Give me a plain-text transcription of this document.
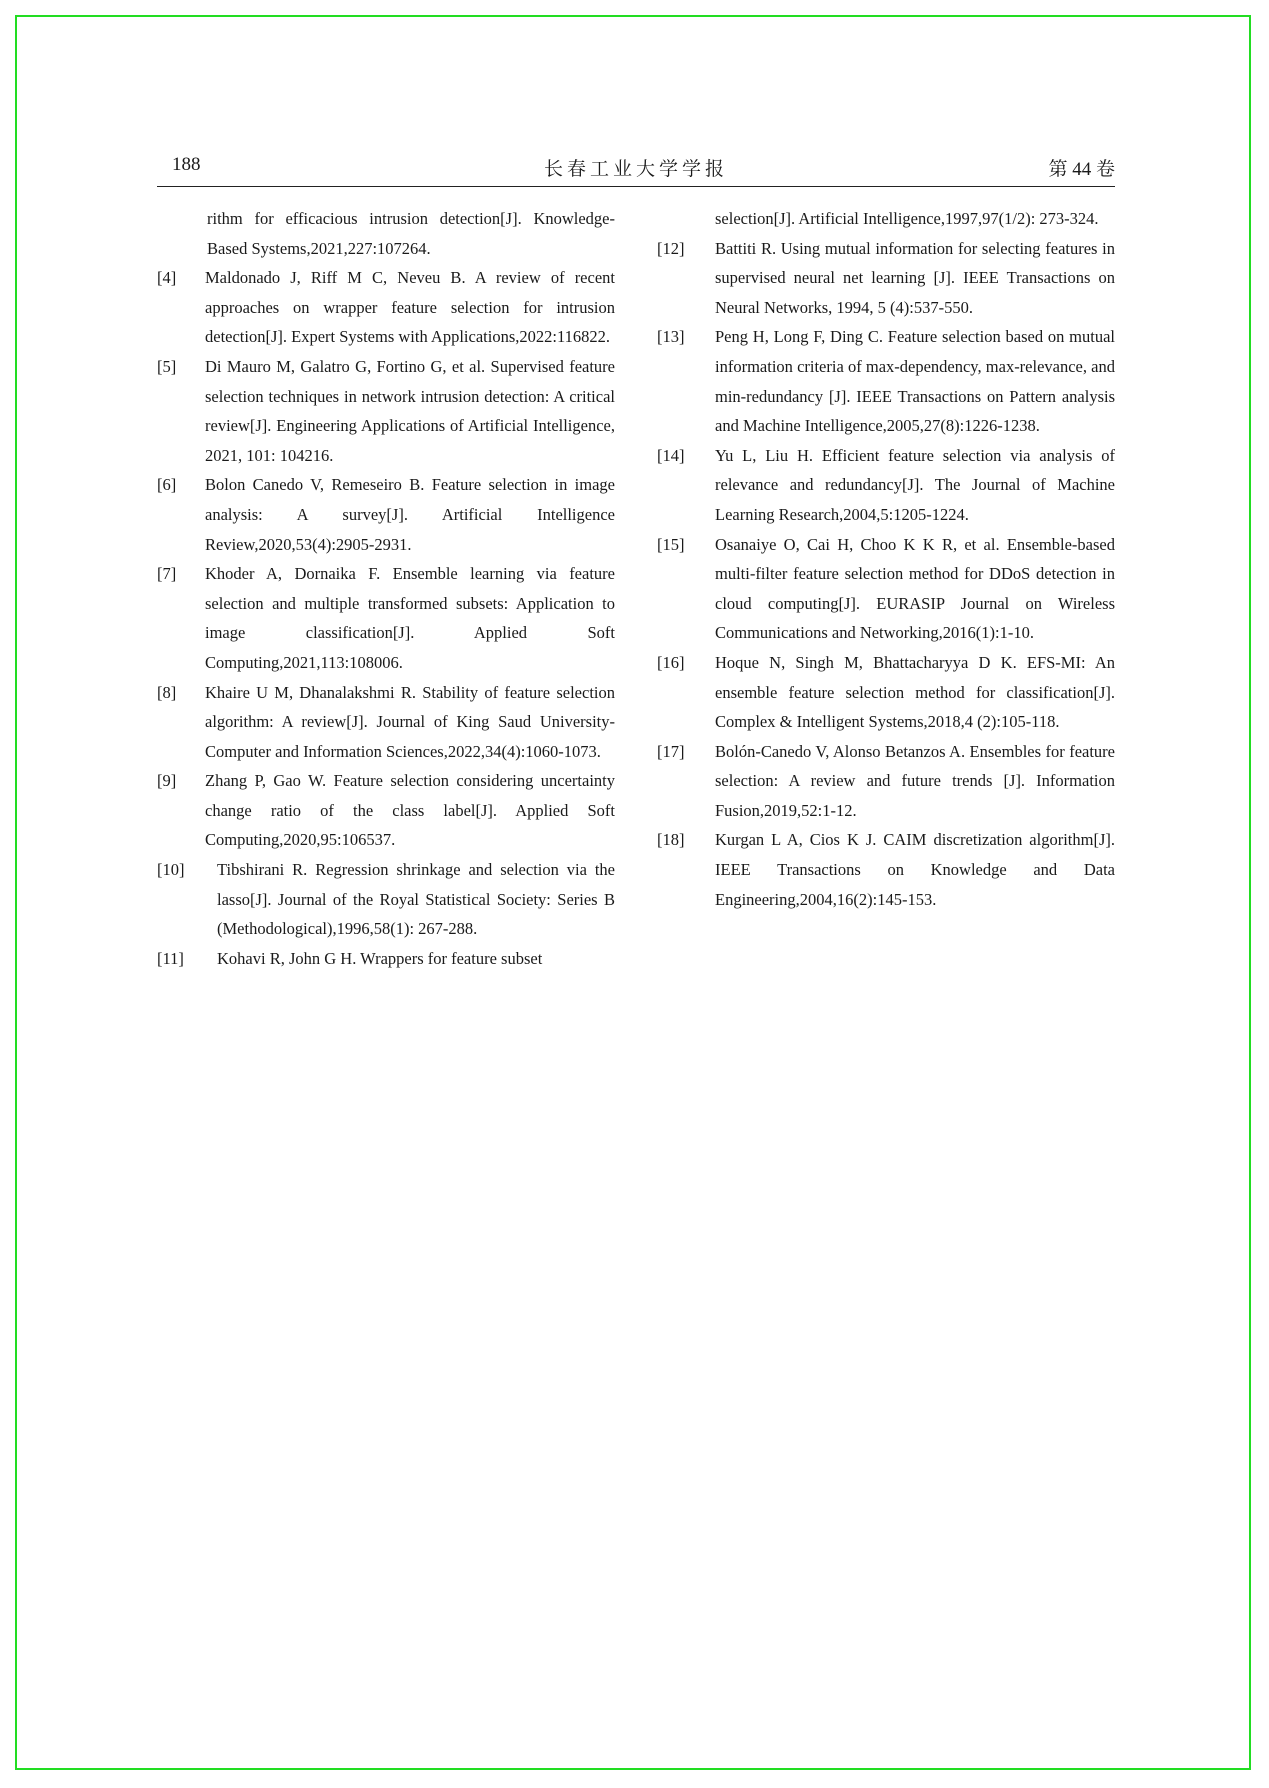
188	长春工业大学学报	第 44 卷
rithm for efficacious intrusion detection[J]. Knowledge-Based Systems,2021,227:107264.
[4] Maldonado J, Riff M C, Neveu B. A review of recent approaches on wrapper feature selection for intrusion detection[J]. Expert Systems with Applications,2022:116822.
[5] Di Mauro M, Galatro G, Fortino G, et al. Supervised feature selection techniques in network intrusion detection: A critical review[J]. Engineering Applications of Artificial Intelligence, 2021, 101: 104216.
[6] Bolon Canedo V, Remeseiro B. Feature selection in image analysis: A survey[J]. Artificial Intelligence Review,2020,53(4):2905-2931.
[7] Khoder A, Dornaika F. Ensemble learning via feature selection and multiple transformed subsets: Application to image classification[J]. Applied Soft Computing,2021,113:108006.
[8] Khaire U M, Dhanalakshmi R. Stability of feature selection algorithm: A review[J]. Journal of King Saud University-Computer and Information Sciences,2022,34(4):1060-1073.
[9] Zhang P, Gao W. Feature selection considering uncertainty change ratio of the class label[J]. Applied Soft Computing,2020,95:106537.
[10] Tibshirani R. Regression shrinkage and selection via the lasso[J]. Journal of the Royal Statistical Society: Series B (Methodological),1996,58(1): 267-288.
[11] Kohavi R, John G H. Wrappers for feature subset
selection[J]. Artificial Intelligence,1997,97(1/2): 273-324.
[12] Battiti R. Using mutual information for selecting features in supervised neural net learning [J]. IEEE Transactions on Neural Networks, 1994, 5 (4):537-550.
[13] Peng H, Long F, Ding C. Feature selection based on mutual information criteria of max-dependency, max-relevance, and min-redundancy [J]. IEEE Transactions on Pattern analysis and Machine Intelligence,2005,27(8):1226-1238.
[14] Yu L, Liu H. Efficient feature selection via analysis of relevance and redundancy[J]. The Journal of Machine Learning Research,2004,5:1205-1224.
[15] Osanaiye O, Cai H, Choo K K R, et al. Ensemble-based multi-filter feature selection method for DDoS detection in cloud computing[J]. EURASIP Journal on Wireless Communications and Networking,2016(1):1-10.
[16] Hoque N, Singh M, Bhattacharyya D K. EFS-MI: An ensemble feature selection method for classification[J]. Complex & Intelligent Systems,2018,4 (2):105-118.
[17] Bolón-Canedo V, Alonso Betanzos A. Ensembles for feature selection: A review and future trends [J]. Information Fusion,2019,52:1-12.
[18] Kurgan L A, Cios K J. CAIM discretization algorithm[J]. IEEE Transactions on Knowledge and Data Engineering,2004,16(2):145-153.
